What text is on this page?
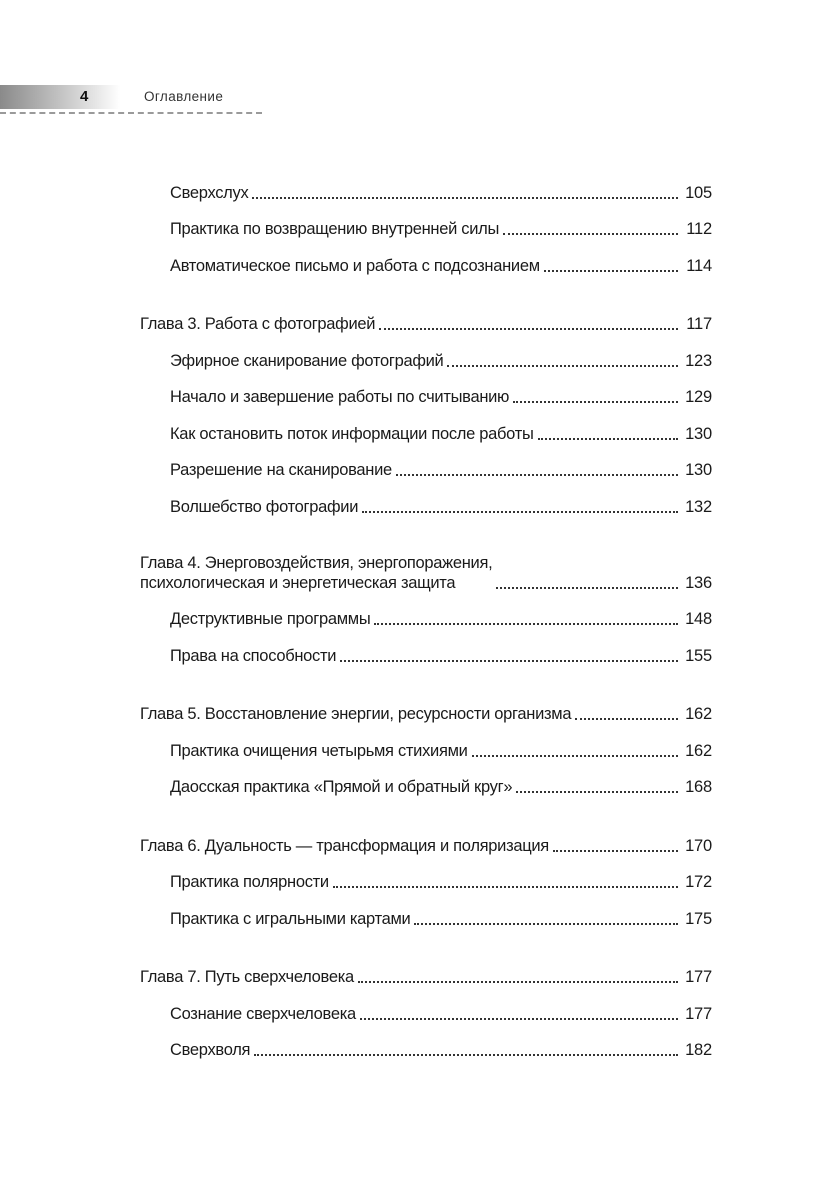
4	Оглавление
Сверхслух	105
Практика по возвращению внутренней силы	112
Автоматическое письмо и работа с подсознанием	114
Глава 3. Работа с фотографией	117
Эфирное сканирование фотографий	123
Начало и завершение работы по считыванию	129
Как остановить поток информации после работы	130
Разрешение на сканирование	130
Волшебство фотографии	132
Глава 4. Энерговоздействия, энергопоражения,
психологическая и энергетическая защита	136
Деструктивные программы	148
Права на способности	155
Глава 5. Восстановление энергии, ресурсности организма	162
Практика очищения четырьмя стихиями	162
Даосская практика «Прямой и обратный круг»	168
Глава 6. Дуальность — трансформация и поляризация	170
Практика полярности	172
Практика с игральными картами	175
Глава 7. Путь сверхчеловека	177
Сознание сверхчеловека	177
Сверхволя	182
